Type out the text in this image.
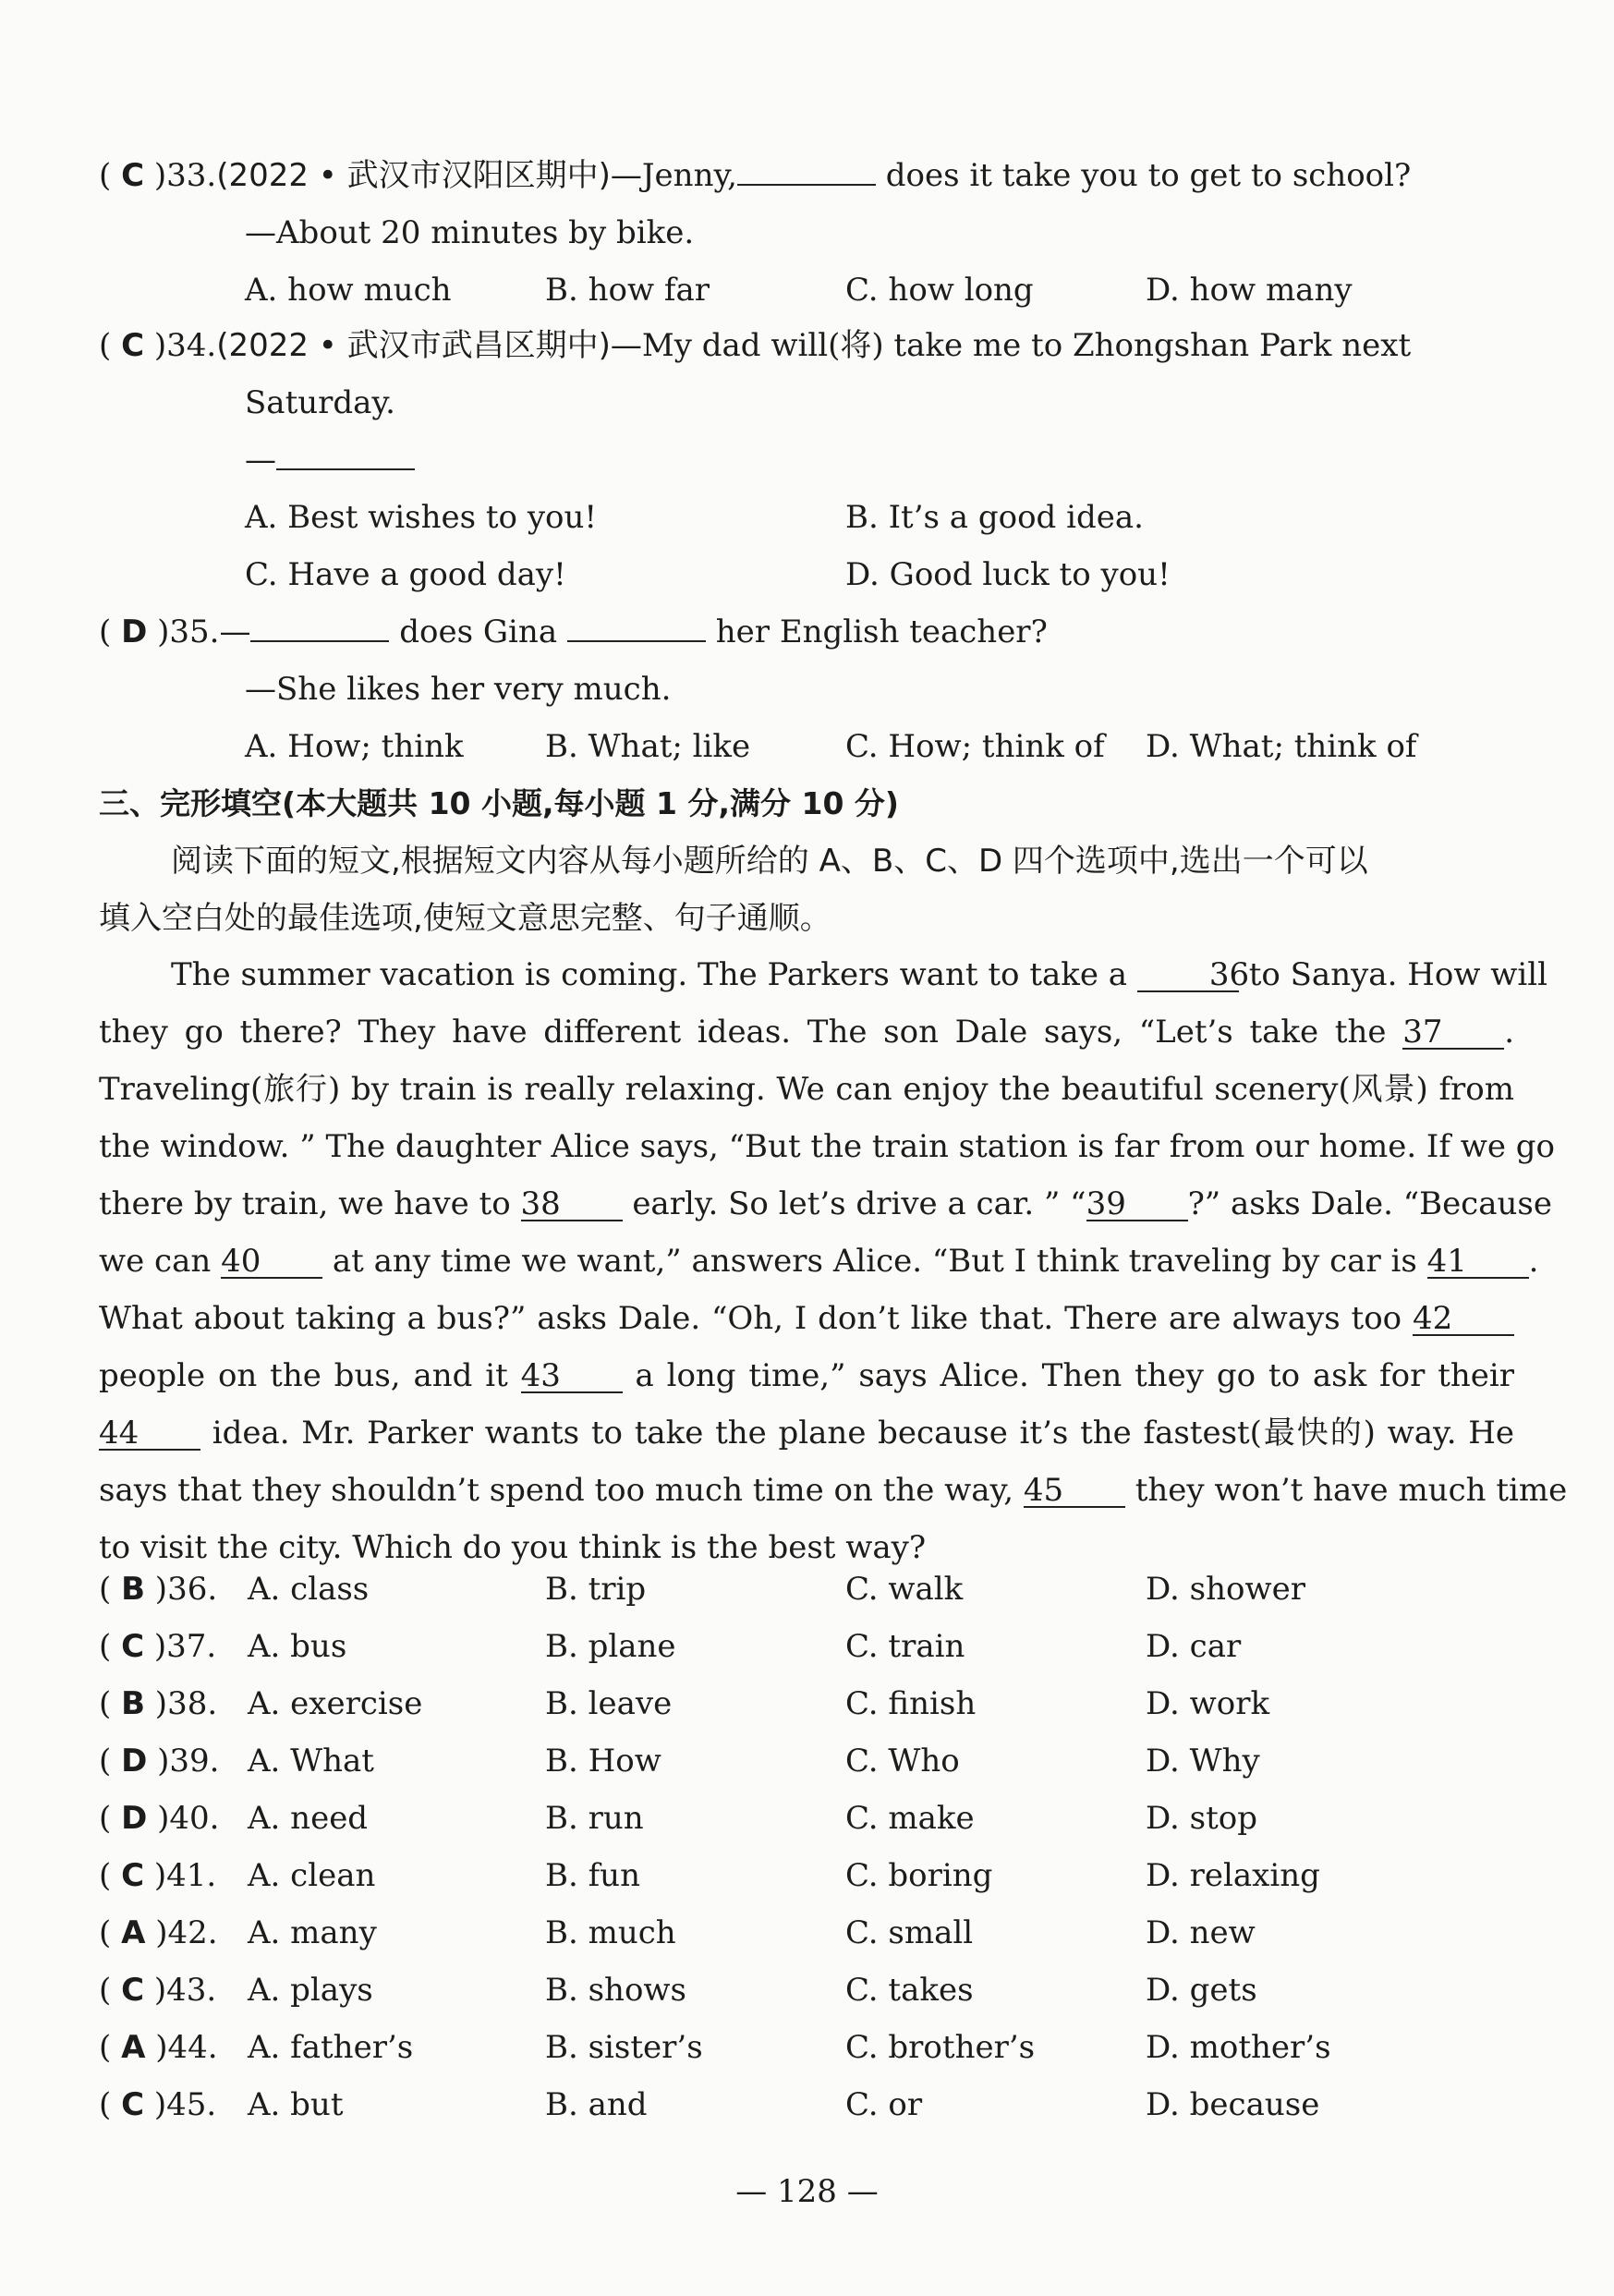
( C )33.(2022 • 武汉市汉阳区期中)—Jenny,	does it take you to get to school?
—About 20 minutes by bike.
A. how much	B. how far	C. how long	D. how many
( C )34.(2022 • 武汉市武昌区期中)—My dad will(将) take me to Zhongshan Park next
Saturday.
—
A. Best wishes to you!	B. It’s a good idea.
C. Have a good day!	D. Good luck to you!
( D )35.—	does Gina	her English teacher?
—She likes her very much.
A. How; think	B. What; like	C. How; think of D. What; think of
三、完形填空(本大题共 10 小题,每小题 1 分,满分 10 分)
阅读下面的短文,根据短文内容从每小题所给的 A、B、C、D 四个选项中,选出一个可以
填入空白处的最佳选项,使短文意思完整、句子通顺。
The summer vacation is coming. The Parkers want to take a	36 to Sanya. How will
they go there? They have different ideas. The son Dale says, “Let’s take the 37 .
Traveling(旅行) by train is really relaxing. We can enjoy the beautiful scenery(风景) from
the window. ” The daughter Alice says, “But the train station is far from our home. If we go
there by train, we have to 38 early. So let’s drive a car. ” “39 ?” asks Dale. “Because
we can 40 at any time we want,” answers Alice. “But I think traveling by car is 41 .
What about taking a bus?” asks Dale. “Oh, I don’t like that. There are always too 42
people on the bus, and it 43 a long time,” says Alice. Then they go to ask for their
44 idea. Mr. Parker wants to take the plane because it’s the fastest(最快的) way. He
says that they shouldn’t spend too much time on the way, 45 they won’t have much time
to visit the city. Which do you think is the best way?
( B )36. A. class	B. trip	C. walk	D. shower
( C )37. A. bus	B. plane	C. train	D. car
( B )38. A. exercise	B. leave	C. finish	D. work
( D )39. A. What	B. How	C. Who	D. Why
( D )40. A. need	B. run	C. make	D. stop
( C )41. A. clean	B. fun	C. boring	D. relaxing
( A )42. A. many	B. much	C. small	D. new
( C )43. A. plays	B. shows	C. takes	D. gets
( A )44. A. father’s	B. sister’s	C. brother’s	D. mother’s
( C )45. A. but	B. and	C. or	D. because
— 128 —
